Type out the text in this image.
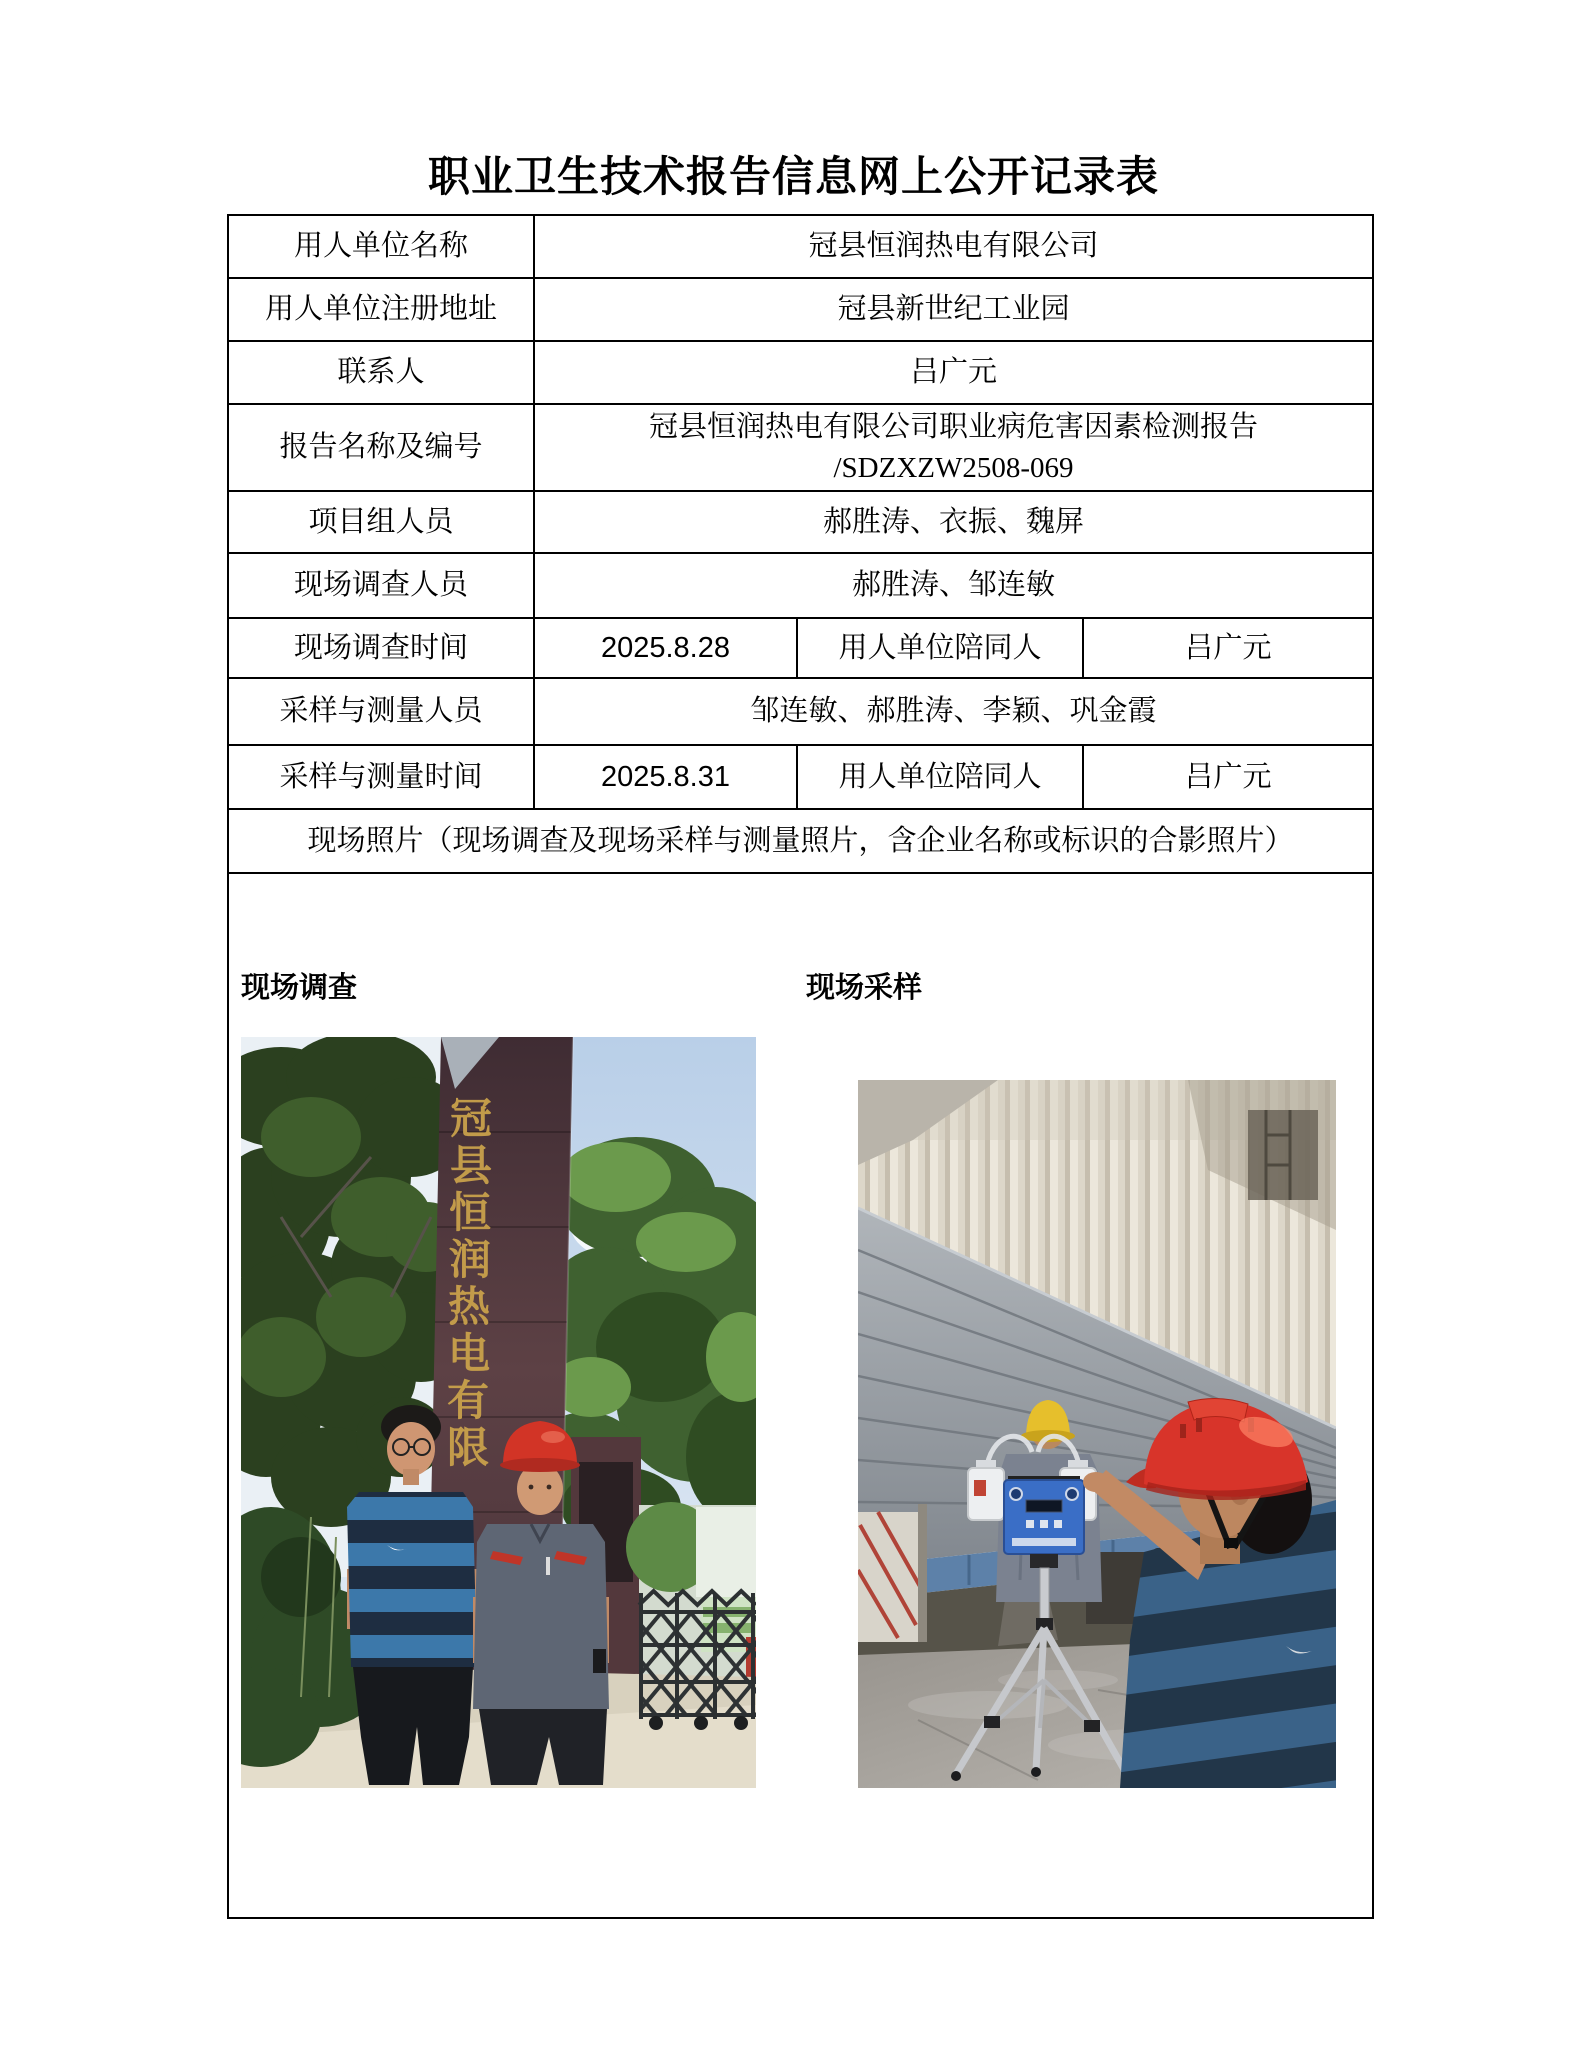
职业卫生技术报告信息网上公开记录表
用人单位名称	冠县恒润热电有限公司		
用人单位注册地址	冠县新世纪工业园		
联系人	吕广元		
报告名称及编号	冠县恒润热电有限公司职业病危害因素检测报告
/SDZXZW2508-069		

项目组人员	郝胜涛、衣振、魏屏		
现场调查人员	郝胜涛、邹连敏		
现场调查时间	2025.8.28	用人单位陪同人	吕广元
采样与测量人员	邹连敏、郝胜涛、李颖、巩金霞		
采样与测量时间	2025.8.31	用人单位陪同人	吕广元
现场照片（现场调查及现场采样与测量照片，含企业名称或标识的合影照片）			

现场调查	现场采样
冠
县
恒
润
热
电
有
限
